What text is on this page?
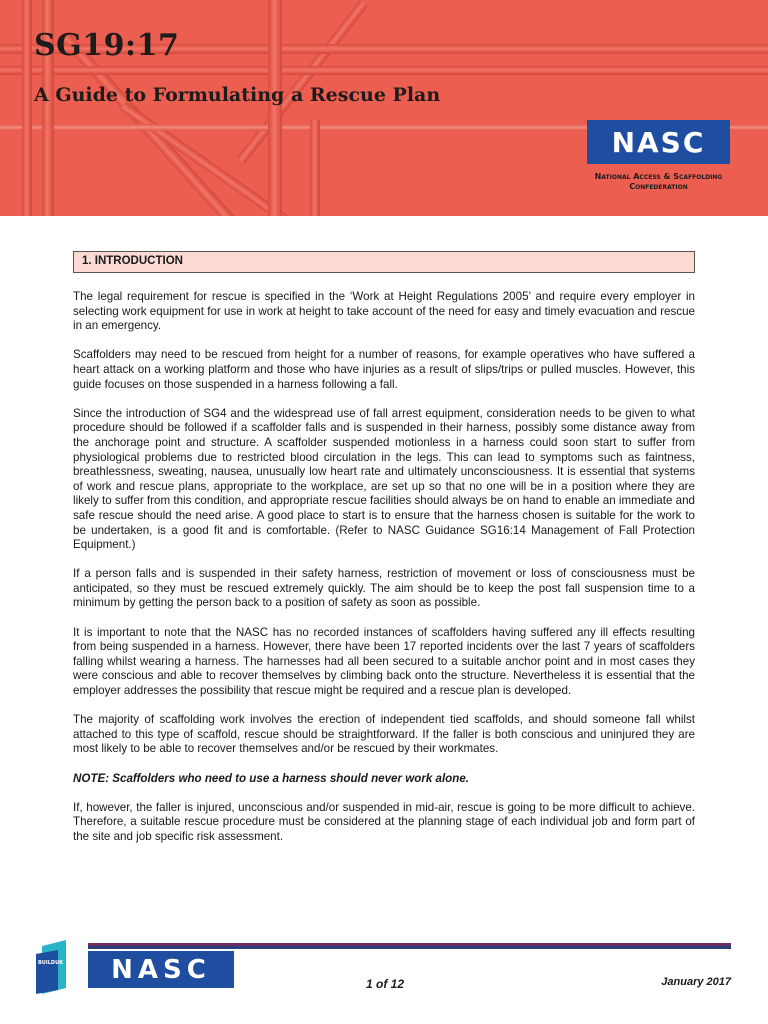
SG19:17
A Guide to Formulating a Rescue Plan
NASC
National Access & Scaffolding
Confederation
1. INTRODUCTION

The legal requirement for rescue is specified in the ‘Work at Height Regulations 2005’ and require every employer in selecting work equipment for use in work at height to take account of the need for easy and timely evacuation and rescue in an emergency.

Scaffolders may need to be rescued from height for a number of reasons, for example operatives who have suffered a heart attack on a working platform and those who have injuries as a result of slips/trips or pulled muscles. However, this guide focuses on those suspended in a harness following a fall.

Since the introduction of SG4 and the widespread use of fall arrest equipment, consideration needs to be given to what procedure should be followed if a scaffolder falls and is suspended in their harness, possibly some distance away from the anchorage point and structure. A scaffolder suspended motionless in a harness could soon start to suffer from physiological problems due to restricted blood circulation in the legs. This can lead to symptoms such as faintness, breathlessness, sweating, nausea, unusually low heart rate and ultimately unconsciousness. It is essential that systems of work and rescue plans, appropriate to the workplace, are set up so that no one will be in a position where they are likely to suffer from this condition, and appropriate rescue facilities should always be on hand to enable an immediate and safe rescue should the need arise. A good place to start is to ensure that the harness chosen is suitable for the work to be undertaken, is a good fit and is comfortable. (Refer to NASC Guidance SG16:14 Management of Fall Protection Equipment.)

If a person falls and is suspended in their safety harness, restriction of movement or loss of consciousness must be anticipated, so they must be rescued extremely quickly. The aim should be to keep the post fall suspension time to a minimum by getting the person back to a position of safety as soon as possible.

It is important to note that the NASC has no recorded instances of scaffolders having suffered any ill effects resulting from being suspended in a harness. However, there have been 17 reported incidents over the last 7 years of scaffolders falling whilst wearing a harness. The harnesses had all been secured to a suitable anchor point and in most cases they were conscious and able to recover themselves by climbing back onto the structure. Nevertheless it is essential that the employer addresses the possibility that rescue might be required and a rescue plan is developed.

The majority of scaffolding work involves the erection of independent tied scaffolds, and should someone fall whilst attached to this type of scaffold, rescue should be straightforward. If the faller is both conscious and uninjured they are most likely to be able to recover themselves and/or be rescued by their workmates.

NOTE: Scaffolders who need to use a harness should never work alone.

If, however, the faller is injured, unconscious and/or suspended in mid-air, rescue is going to be more difficult to achieve. Therefore, a suitable rescue procedure must be considered at the planning stage of each individual job and form part of the site and job specific risk assessment.

BUILDUK	NASC	1 of 12	January 2017
